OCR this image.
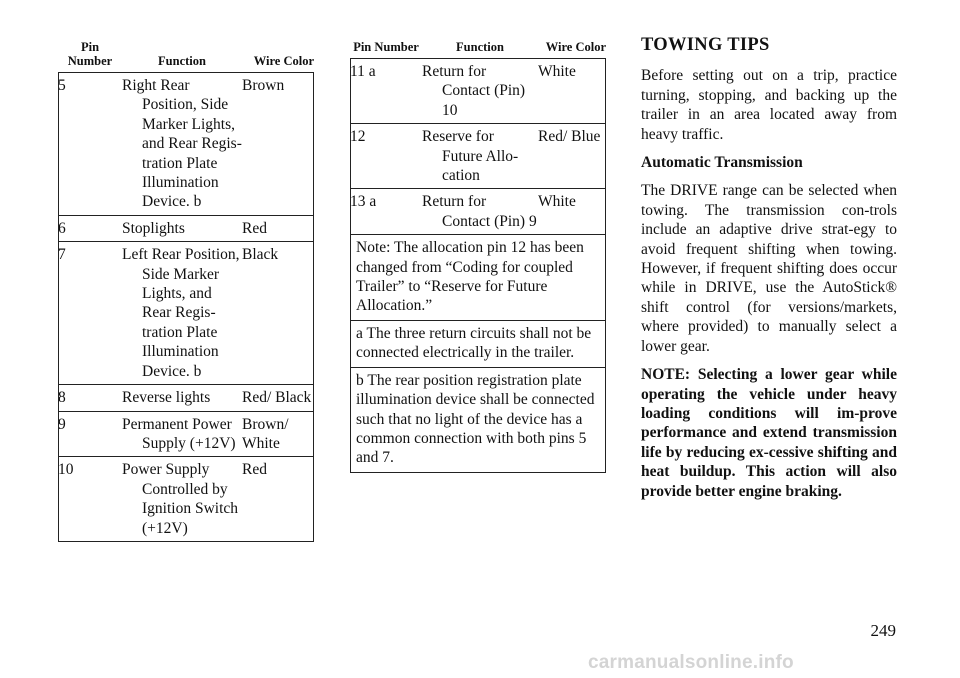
Pin Number	Function	Wire Color

5	Right Rear Position, Side Marker Lights, and Rear Regis-tration Plate Illumination Device. b	Brown

6	Stoplights	Red

7	Left Rear Position, Side Marker Lights, and Rear Regis-tration Plate Illumination Device. b	Black

8	Reverse lights	Red/ Black

9	Permanent Power Supply (+12V)	Brown/ White

10	Power Supply Controlled by Ignition Switch (+12V)	Red
Pin Number	Function	Wire Color

11 a	Return for Contact (Pin) 10	White

12	Reserve for Future Allo-cation	Red/ Blue

13 a	Return for Contact (Pin) 9	White

Note: The allocation pin 12 has been changed from “Coding for coupled Trailer” to “Reserve for Future Allocation.”		
a The three return circuits shall not be connected electrically in the trailer.		
b The rear position registration plate illumination device shall be connected such that no light of the device has a common connection with both pins 5 and 7.		
TOWING TIPS

Before setting out on a trip, practice turning, stopping, and backing up the trailer in an area located away from heavy traffic.

Automatic Transmission

The DRIVE range can be selected when towing. The transmission con-trols include an adaptive drive strat-egy to avoid frequent shifting when towing. However, if frequent shifting does occur while in DRIVE, use the AutoStick® shift control (for versions/markets, where provided) to manually select a lower gear.

NOTE: Selecting a lower gear while operating the vehicle under heavy loading conditions will im-prove performance and extend transmission life by reducing ex-cessive shifting and heat buildup. This action will also provide better engine braking.

249
carmanualsonline.info
